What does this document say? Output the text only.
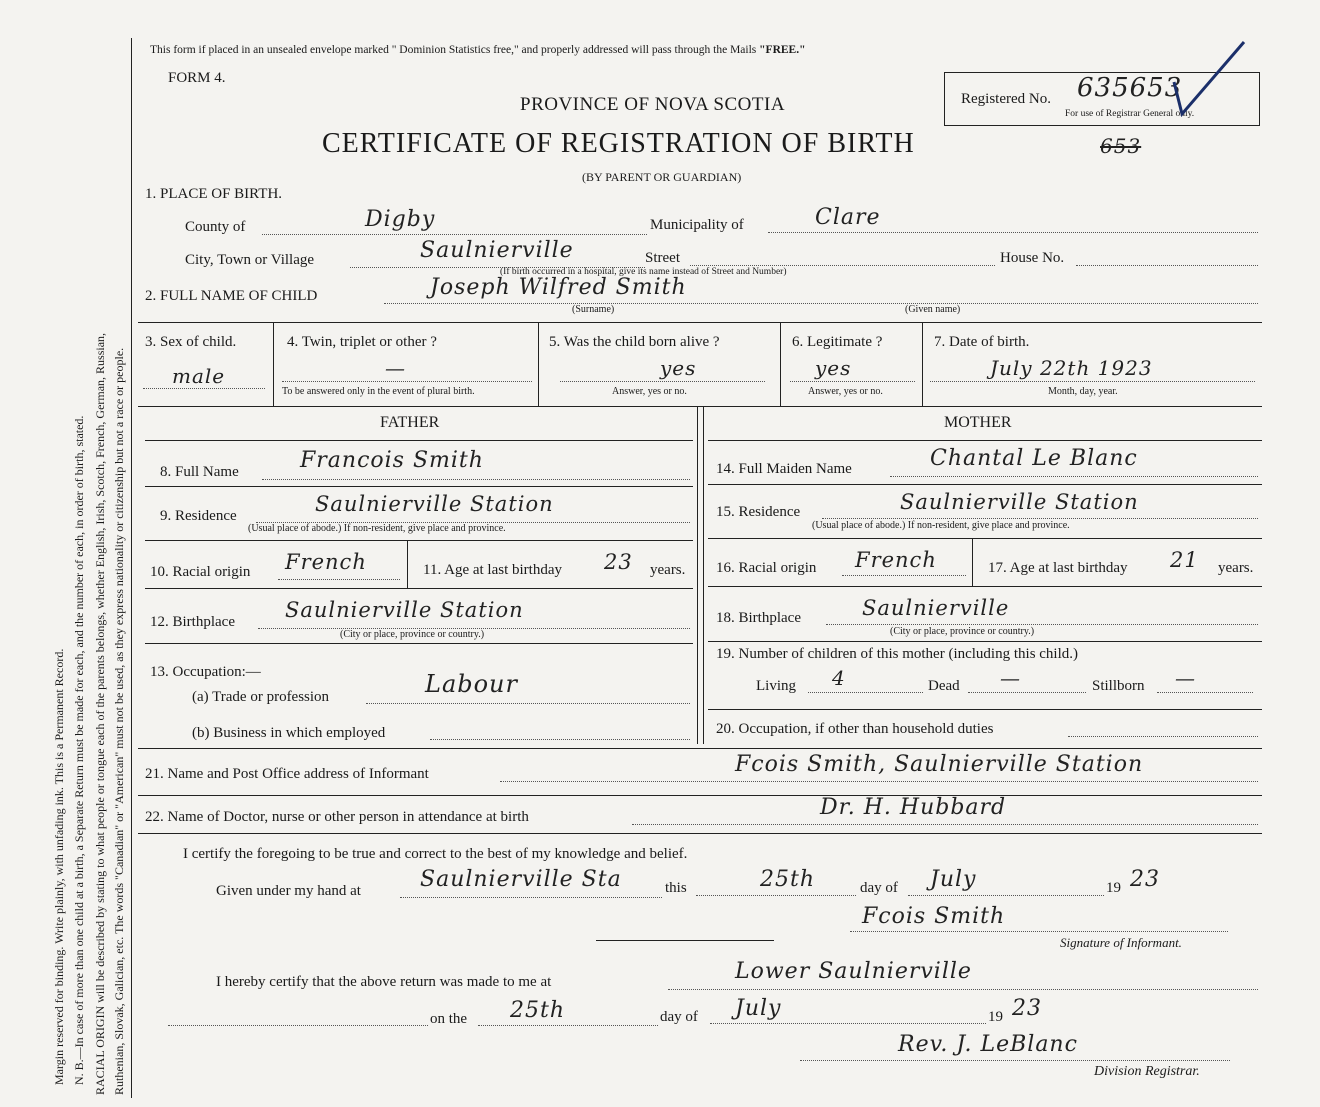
Margin reserved for binding. Write plainly, with unfading ink. This is a Permanent Record. N. B.—In case of more than one child at a birth, a Separate Return must be made for each, and the number of each, in order of birth, stated. RACIAL ORIGIN will be described by stating to what people or tongue each of the parents belongs, whether English, Irish, Scotch, French, German, Russian, Ruthenian, Slovak, Galician, etc. The words "Canadian" or "American" must not be used, as they express nationality or citizenship but not a race or people.
This form if placed in an unsealed envelope marked " Dominion Statistics free," and properly addressed will pass through the Mails "FREE."
FORM 4.
PROVINCE OF NOVA SCOTIA
CERTIFICATE OF REGISTRATION OF BIRTH	653
(BY PARENT OR GUARDIAN)
Registered No. 635653
For use of Registrar General only.
1. PLACE OF BIRTH.
County of	Digby	Municipality of	Clare
City, Town or Village	Saulnierville	Street	House No.
(If birth occurred in a hospital, give its name instead of Street and Number)
2. FULL NAME OF CHILD	Joseph Wilfred Smith
(Surname)	(Given name)
3. Sex of child.
male
4. Twin, triplet or other ?
—
To be answered only in the event of plural birth.
5. Was the child born alive ?
yes
Answer, yes or no.
6. Legitimate ?
yes
Answer, yes or no.
7. Date of birth.
July 22th 1923
Month, day, year.
FATHER	MOTHER
8. Full Name	Francois Smith
9. Residence	Saulnierville Station
(Usual place of abode.) If non-resident, give place and province.
10. Racial origin French	11. Age at last birthday 23 years.
12. Birthplace Saulnierville Station
(City or place, province or country.)
13. Occupation:—
(a) Trade or profession	Labour
(b) Business in which employed
14. Full Maiden Name	Chantal Le Blanc
15. Residence	Saulnierville Station
(Usual place of abode.) If non-resident, give place and province.
16. Racial origin French	17. Age at last birthday 21 years.
18. Birthplace	Saulnierville
(City or place, province or country.)
19. Number of children of this mother (including this child.)
Living 4	Dead —	Stillborn —
20. Occupation, if other than household duties
21. Name and Post Office address of Informant	Fcois Smith, Saulnierville Station
22. Name of Doctor, nurse or other person in attendance at birth	Dr. H. Hubbard
I certify the foregoing to be true and correct to the best of my knowledge and belief.
Given under my hand at	Saulnierville Sta	this	25th	day of July	19 23
Fcois Smith
Signature of Informant.
I hereby certify that the above return was made to me at	Lower Saulnierville
on the 25th	day of July	19 23
Rev. J. LeBlanc
Division Registrar.
